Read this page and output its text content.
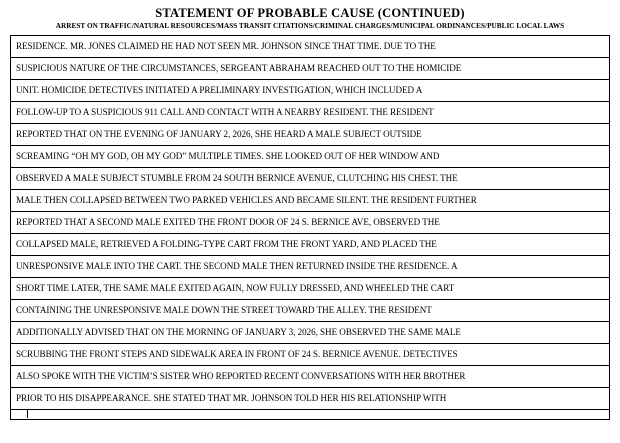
STATEMENT OF PROBABLE CAUSE (CONTINUED)
ARREST ON TRAFFIC/NATURAL RESOURCES/MASS TRANSIT CITATIONS/CRIMINAL CHARGES/MUNICIPAL ORDINANCES/PUBLIC LOCAL LAWS
RESIDENCE. MR. JONES CLAIMED HE HAD NOT SEEN MR. JOHNSON SINCE THAT TIME. DUE TO THE
SUSPICIOUS NATURE OF THE CIRCUMSTANCES, SERGEANT ABRAHAM REACHED OUT TO THE HOMICIDE
UNIT. HOMICIDE DETECTIVES INITIATED A PRELIMINARY INVESTIGATION, WHICH INCLUDED A
FOLLOW-UP TO A SUSPICIOUS 911 CALL AND CONTACT WITH A NEARBY RESIDENT. THE RESIDENT
REPORTED THAT ON THE EVENING OF JANUARY 2, 2026, SHE HEARD A MALE SUBJECT OUTSIDE
SCREAMING “OH MY GOD, OH MY GOD” MULTIPLE TIMES. SHE LOOKED OUT OF HER WINDOW AND
OBSERVED A MALE SUBJECT STUMBLE FROM 24 SOUTH BERNICE AVENUE, CLUTCHING HIS CHEST. THE
MALE THEN COLLAPSED BETWEEN TWO PARKED VEHICLES AND BECAME SILENT. THE RESIDENT FURTHER
REPORTED THAT A SECOND MALE EXITED THE FRONT DOOR OF 24 S. BERNICE AVE, OBSERVED THE
COLLAPSED MALE, RETRIEVED A FOLDING-TYPE CART FROM THE FRONT YARD, AND PLACED THE
UNRESPONSIVE MALE INTO THE CART. THE SECOND MALE THEN RETURNED INSIDE THE RESIDENCE. A
SHORT TIME LATER, THE SAME MALE EXITED AGAIN, NOW FULLY DRESSED, AND WHEELED THE CART
CONTAINING THE UNRESPONSIVE MALE DOWN THE STREET TOWARD THE ALLEY. THE RESIDENT
ADDITIONALLY ADVISED THAT ON THE MORNING OF JANUARY 3, 2026, SHE OBSERVED THE SAME MALE
SCRUBBING THE FRONT STEPS AND SIDEWALK AREA IN FRONT OF 24 S. BERNICE AVENUE. DETECTIVES
ALSO SPOKE WITH THE VICTIM’S SISTER WHO REPORTED RECENT CONVERSATIONS WITH HER BROTHER
PRIOR TO HIS DISAPPEARANCE. SHE STATED THAT MR. JOHNSON TOLD HER HIS RELATIONSHIP WITH
